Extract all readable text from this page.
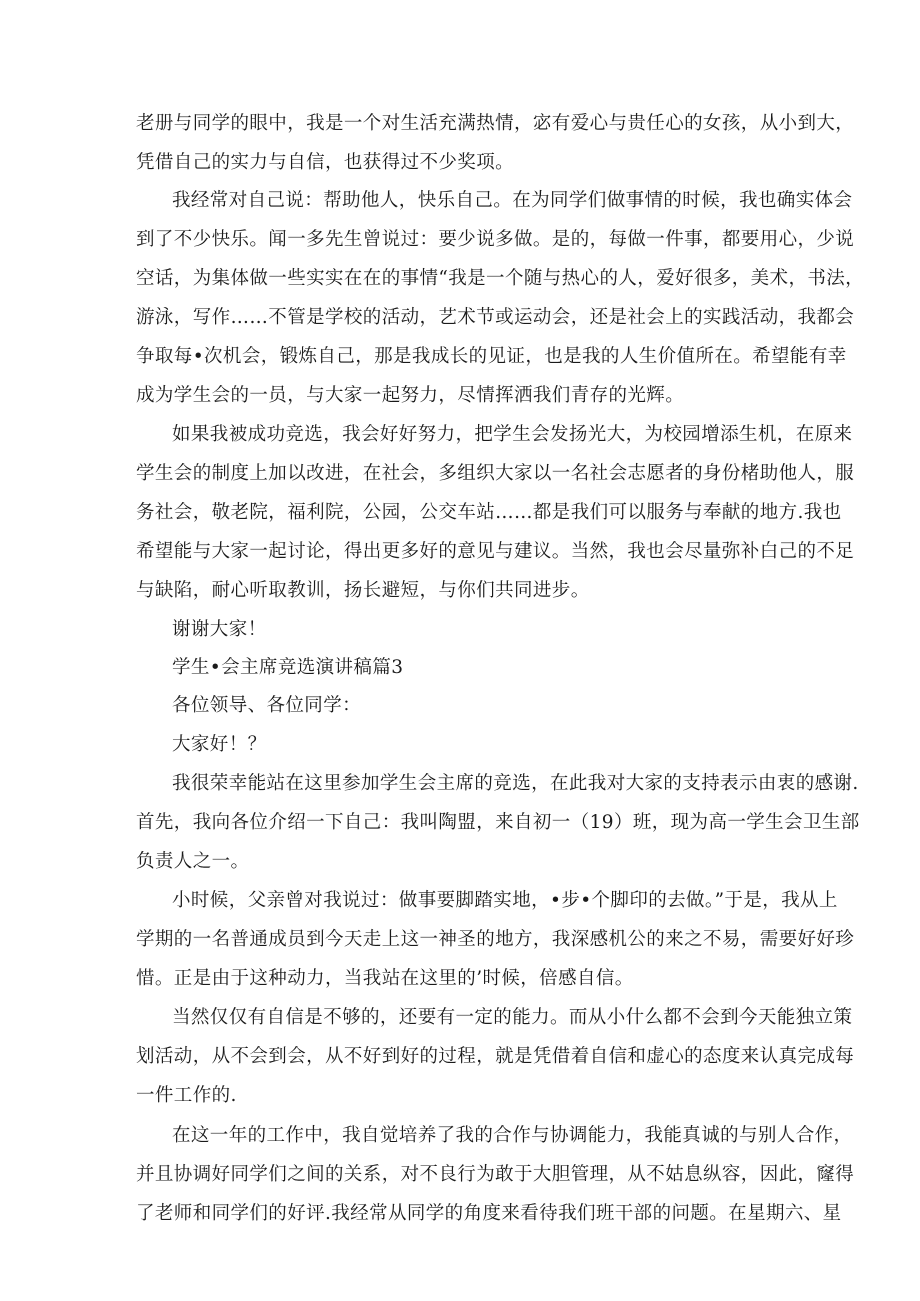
老册与同学的眼中，我是一个对生活充满热情，宓有爱心与贵任心的女孩，从小到大，
凭借自己的实力与自信，也获得过不少奖项。
我经常对自己说：帮助他人，快乐自己。在为同学们做事情的时候，我也确实体会
到了不少快乐。闻一多先生曾说过：要少说多做。是的，每做一件事，都要用心，少说
空话，为集体做一些实实在在的事情“我是一个随与热心的人，爱好很多，美术，书法，
游泳，写作……不管是学校的活动，艺术节或运动会，还是社会上的实践活动，我都会
争取每•次机会，锻炼自己，那是我成长的见证，也是我的人生价值所在。希望能有幸
成为学生会的一员，与大家一起努力，尽情挥洒我们青存的光辉。
如果我被成功竞选，我会好好努力，把学生会发扬光大，为校园增添生机，在原来
学生会的制度上加以改进，在社会，多组织大家以一名社会志愿者的身份楮助他人，服
务社会，敬老院，福利院，公园，公交车站……都是我们可以服务与奉献的地方.我也
希望能与大家一起讨论，得出更多好的意见与建议。当然，我也会尽量弥补白己的不足
与缺陷，耐心听取教训，扬长避短，与你们共同进步。
谢谢大家！
学生•会主席竞选演讲稿篇3
各位领导、各位同学：
大家好！？
我很荣幸能站在这里参加学生会主席的竞选，在此我对大家的支持表示由衷的感谢.
首先，我向各位介绍一下自己：我叫陶盟，来自初一（19）班，现为高一学生会卫生部
负责人之一。
小时候，父亲曾对我说过：做事要脚踏实地，•步•个脚印的去做。”于是，我从上
学期的一名普通成员到今天走上这一神圣的地方，我深感机公的来之不易，需要好好珍
惜。正是由于这种动力，当我站在这里的’时候，倍感自信。
当然仅仅有自信是不够的，还要有一定的能力。而从小什么都不会到今天能独立策
划活动，从不会到会，从不好到好的过程，就是凭借着自信和虚心的态度来认真完成每
一件工作的.
在这一年的工作中，我自觉培养了我的合作与协调能力，我能真诚的与别人合作，
并且协调好同学们之间的关系，对不良行为敢于大胆管理，从不姑息纵容，因此，窿得
了老师和同学们的好评.我经常从同学的角度来看待我们班干部的问题。在星期六、星
